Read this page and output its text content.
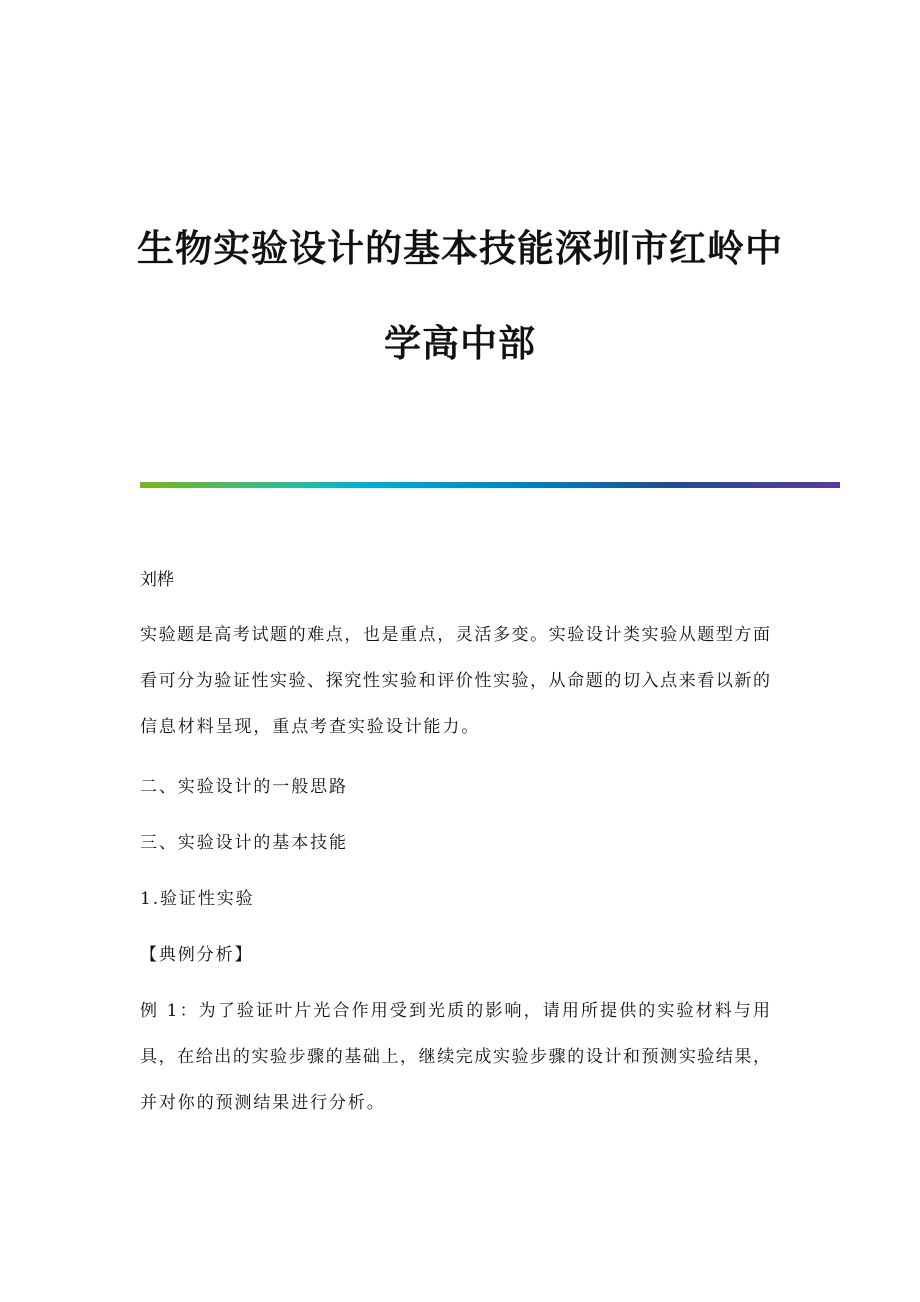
生物实验设计的基本技能深圳市红岭中
学高中部
刘桦
实验题是高考试题的难点，也是重点，灵活多变。实验设计类实验从题型方面
看可分为验证性实验、探究性实验和评价性实验，从命题的切入点来看以新的
信息材料呈现，重点考查实验设计能力。
二、实验设计的一般思路
三、实验设计的基本技能
1.验证性实验
【典例分析】
例 1：为了验证叶片光合作用受到光质的影响，请用所提供的实验材料与用
具，在给出的实验步骤的基础上，继续完成实验步骤的设计和预测实验结果，
并对你的预测结果进行分析。
